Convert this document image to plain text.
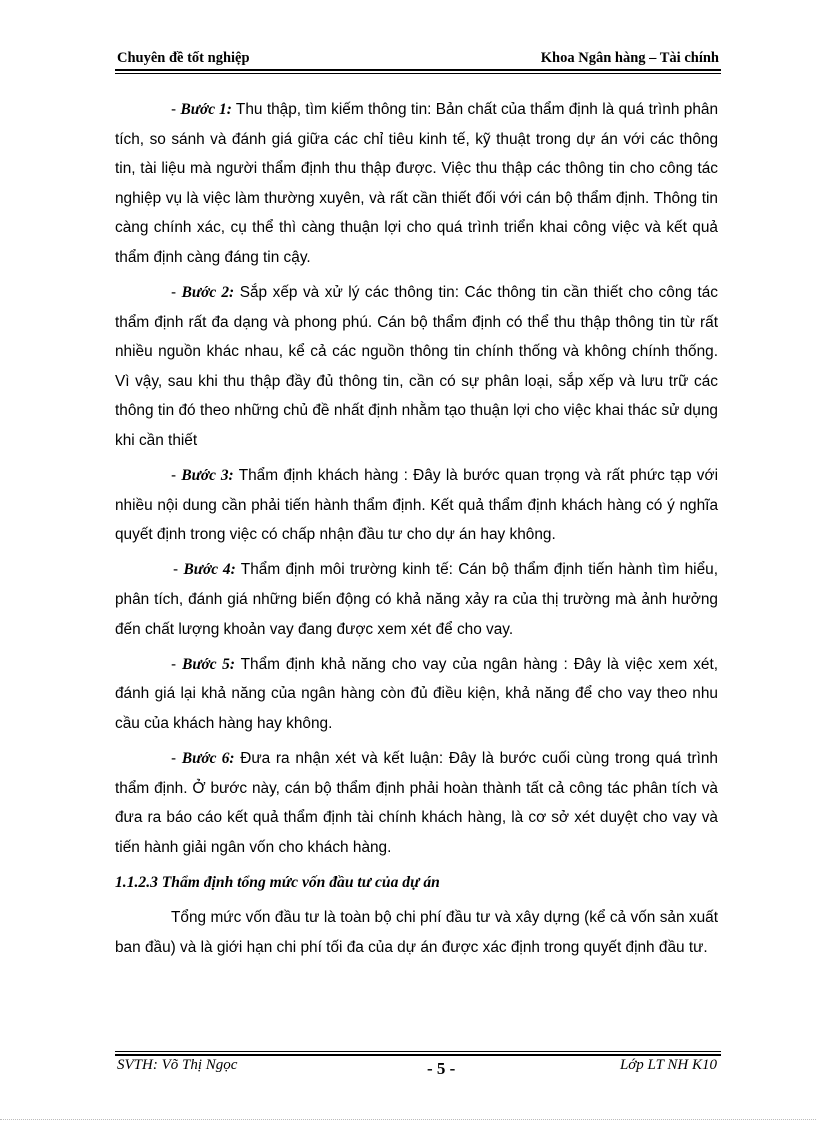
Chuyên đề tốt nghiệp	Khoa Ngân hàng – Tài chính

- Bước 1: Thu thập, tìm kiếm thông tin: Bản chất của thẩm định là quá trình phân tích, so sánh và đánh giá giữa các chỉ tiêu kinh tế, kỹ thuật trong dự án với các thông tin, tài liệu mà người thẩm định thu thập được. Việc thu thập các thông tin cho công tác nghiệp vụ là việc làm thường xuyên, và rất cần thiết đối với cán bộ thẩm định. Thông tin càng chính xác, cụ thể thì càng thuận lợi cho quá trình triển khai công việc và kết quả thẩm định càng đáng tin cậy.

- Bước 2: Sắp xếp và xử lý các thông tin: Các thông tin cần thiết cho công tác thẩm định rất đa dạng và phong phú. Cán bộ thẩm định có thể thu thập thông tin từ rất nhiều nguồn khác nhau, kể cả các nguồn thông tin chính thống và không chính thống. Vì vậy, sau khi thu thập đầy đủ thông tin, cần có sự phân loại, sắp xếp và lưu trữ các thông tin đó theo những chủ đề nhất định nhằm tạo thuận lợi cho việc khai thác sử dụng khi cần thiết

- Bước 3: Thẩm định khách hàng : Đây là bước quan trọng và rất phức tạp với nhiều nội dung cần phải tiến hành thẩm định. Kết quả thẩm định khách hàng có ý nghĩa quyết định trong việc có chấp nhận đầu tư cho dự án hay không.

- Bước 4: Thẩm định môi trường kinh tế: Cán bộ thẩm định tiến hành tìm hiểu, phân tích, đánh giá những biến động có khả năng xảy ra của thị trường mà ảnh hưởng đến chất lượng khoản vay đang được xem xét để cho vay.

- Bước 5: Thẩm định khả năng cho vay của ngân hàng : Đây là việc xem xét, đánh giá lại khả năng của ngân hàng còn đủ điều kiện, khả năng để cho vay theo nhu cầu của khách hàng hay không.

- Bước 6: Đưa ra nhận xét và kết luận: Đây là bước cuối cùng trong quá trình thẩm định. Ở bước này, cán bộ thẩm định phải hoàn thành tất cả công tác phân tích và đưa ra báo cáo kết quả thẩm định tài chính khách hàng, là cơ sở xét duyệt cho vay và tiến hành giải ngân vốn cho khách hàng.

1.1.2.3 Thẩm định tổng mức vốn đầu tư của dự án

Tổng mức vốn đầu tư là toàn bộ chi phí đầu tư và xây dựng (kể cả vốn sản xuất ban đầu) và là giới hạn chi phí tối đa của dự án được xác định trong quyết định đầu tư.

SVTH: Võ Thị Ngọc	- 5 -	Lớp LT NH K10
